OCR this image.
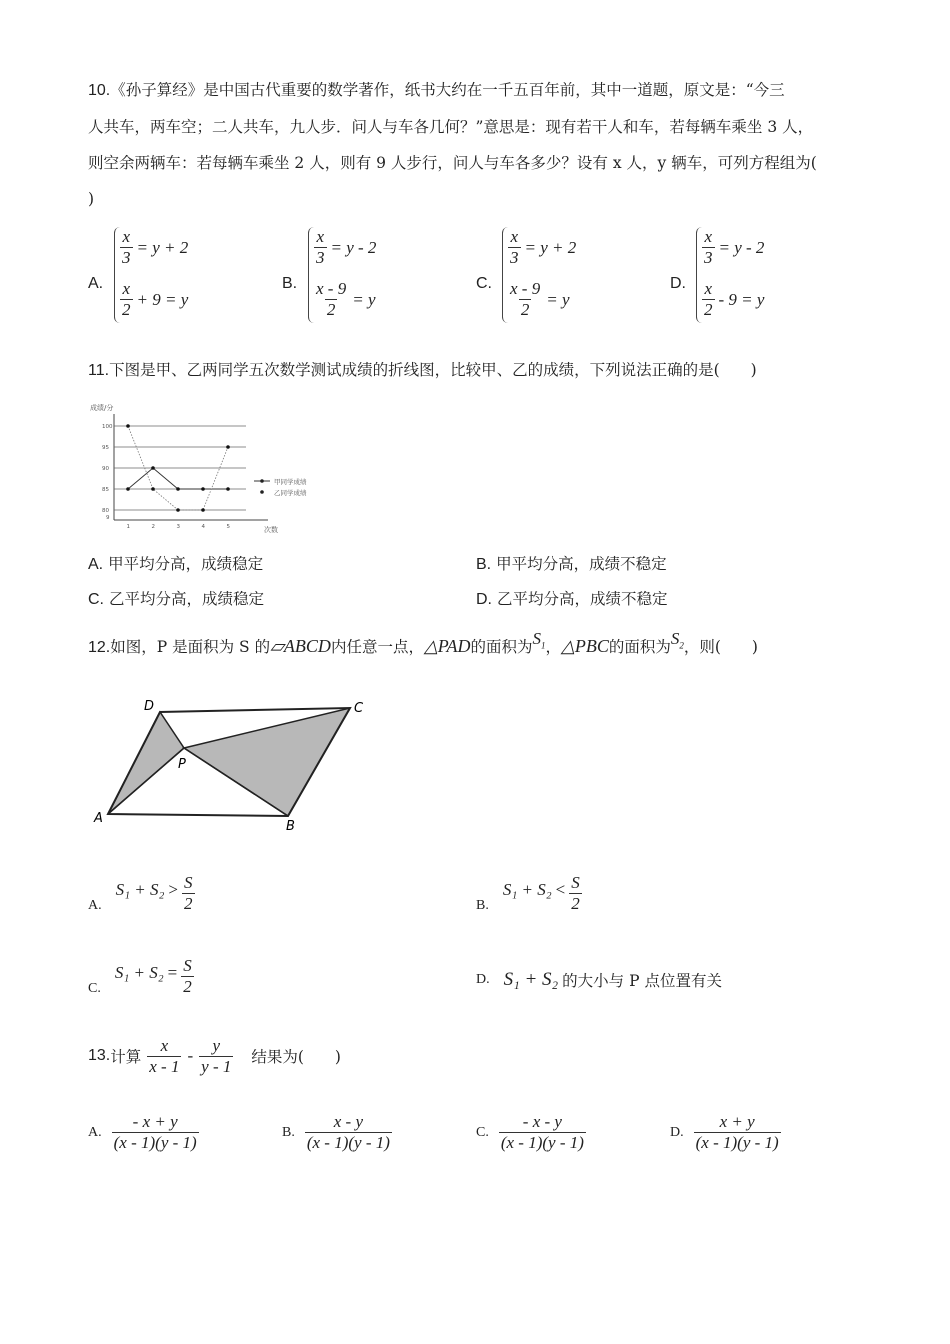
10.《孙子算经》是中国古代重要的数学著作，纸书大约在一千五百年前，其中一道题，原文是：“今三
人共车，两车空；二人共车，九人步．问人与车各几何？”意思是：现有若干人和车，若每辆车乘坐 3 人，
则空余两辆车：若每辆车乘坐 2 人，则有 9 人步行，问人与车各多少？设有 x 人，y 辆车，可列方程组为(
)
A.
$\frac{x}{3} = y + 2$
$\frac{x}{2} + 9 = y$
B.
$\frac{x}{3} = y - 2$
$\frac{x - 9}{2} = y$
C.
$\frac{x}{3} = y + 2$
$\frac{x - 9}{2} = y$
D.
$\frac{x}{3} = y - 2$
$\frac{x}{2} - 9 = y$
11.下图是甲、乙两同学五次数学测试成绩的折线图，比较甲、乙的成绩，下列说法正确的是(　　)
成绩/分
100
95
90
85
80
9
1	2	3	4	5	次数
甲同学成绩
乙同学成绩
A. 甲平均分高，成绩稳定	B. 甲平均分高，成绩不稳定
C. 乙平均分高，成绩稳定	D. 乙平均分高，成绩不稳定
12.如图，P 是面积为 S 的▱ABCD内任意一点，△PAD的面积为$S_1$，△PBC的面积为$S_2$，则(　　)
D	C
A
B
P
A.
$S_1 + S_2 > \frac{S}{2}$	B.
$S_1 + S_2 < \frac{S}{2}$
C.
$S_1 + S_2 = \frac{S}{2}$	D. S₁ + S₂ 的大小与 P 点位置有关
13. 计算 $\frac{x}{x - 1} - \frac{y}{y - 1}$ 结果为(　　)
A. $\frac{- x + y}{(x - 1)(y - 1)}$	B. $\frac{x - y}{(x - 1)(y - 1)}$	C. $\frac{- x - y}{(x - 1)(y - 1)}$	D. $\frac{x + y}{(x - 1)(y - 1)}$
